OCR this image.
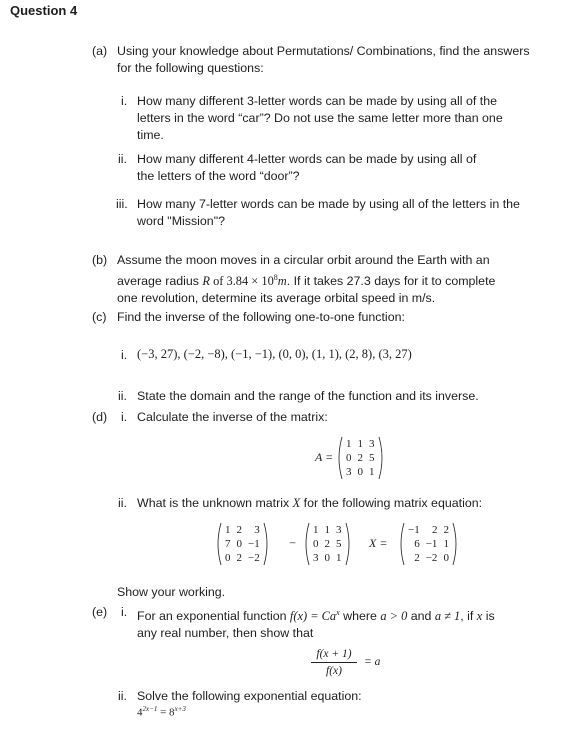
Question 4
(a) Using your knowledge about Permutations/ Combinations, find the answers
for the following questions:
i. How many different 3-letter words can be made by using all of the
letters in the word “car”? Do not use the same letter more than one
time.
ii. How many different 4-letter words can be made by using all of
the letters of the word “door”?
iii. How many 7-letter words can be made by using all of the letters in the
word "Mission"?
(b) Assume the moon moves in a circular orbit around the Earth with an
average radius R of $3.84 \times 10^8m$. If it takes 27.3 days for it to complete
one revolution, determine its average orbital speed in m/s.
(c) Find the inverse of the following one-to-one function:
i. (−3, 27), (−2, −8), (−1, −1), (0, 0), (1, 1), (2, 8), (3, 27)
ii. State the domain and the range of the function and its inverse.
(d) i. Calculate the inverse of the matrix:
A =
1 1 3
0 2 5
3 0 1
ii. What is the unknown matrix X for the following matrix equation:
1 2	3
7 0 −1
0 2 −2
−
1 1 3
0 2 5
3 0 1
X =
−1	2 2
6 −1 1
2 −2 0
Show your working.
(e) i. For an exponential function $f(x) = Ca^x$ where a > 0 and a ≠ 1, if x is
any real number, then show that
f(x + 1)
f(x)
= a
ii. Solve the following exponential equation:
$4^{2x-1} = 8^{x+3}$
